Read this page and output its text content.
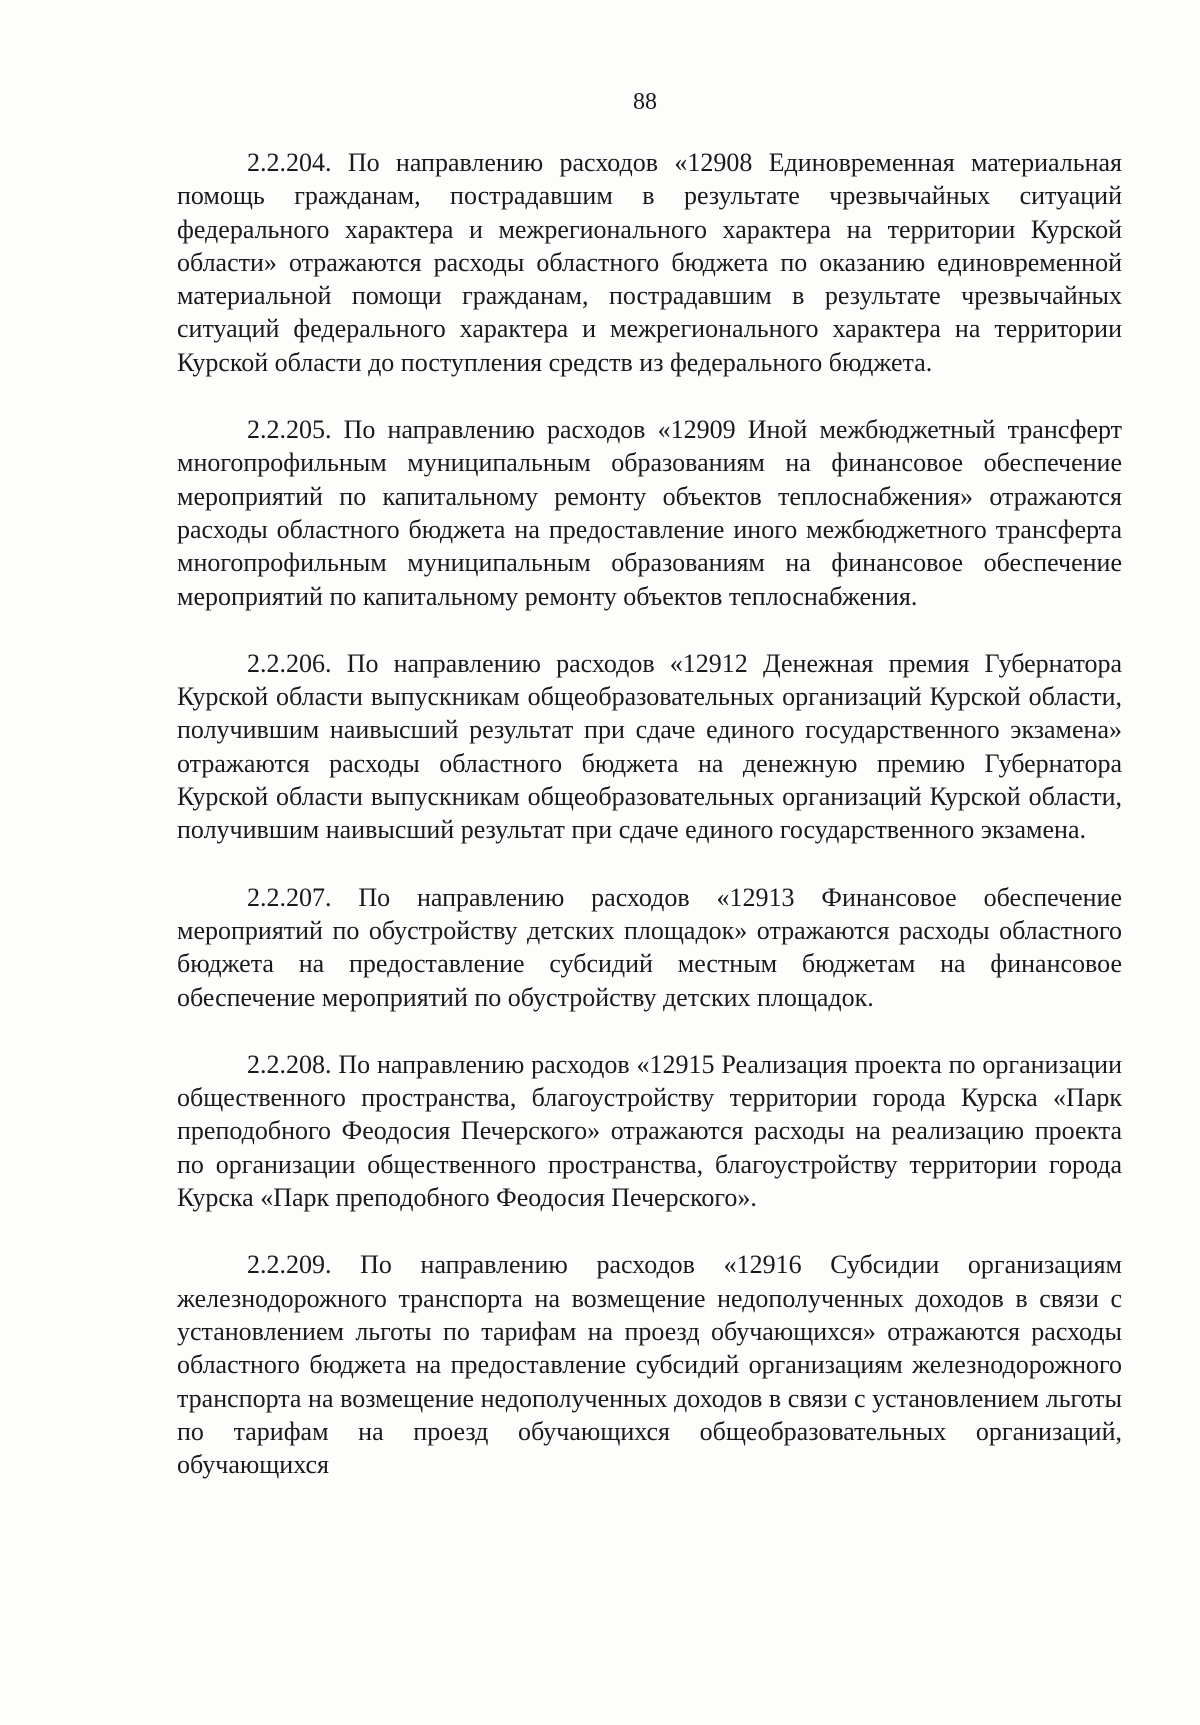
88

2.2.204. По направлению расходов «12908 Единовременная материальная помощь гражданам, пострадавшим в результате чрезвычайных ситуаций федерального характера и межрегионального характера на территории Курской области» отражаются расходы областного бюджета по оказанию единовременной материальной помощи гражданам, пострадавшим в результате чрезвычайных ситуаций федерального характера и межрегионального характера на территории Курской области до поступления средств из федерального бюджета.

2.2.205. По направлению расходов «12909 Иной межбюджетный трансферт многопрофильным муниципальным образованиям на финансовое обеспечение мероприятий по капитальному ремонту объектов теплоснабжения» отражаются расходы областного бюджета на предоставление иного межбюджетного трансферта многопрофильным муниципальным образованиям на финансовое обеспечение мероприятий по капитальному ремонту объектов теплоснабжения.

2.2.206. По направлению расходов «12912 Денежная премия Губернатора Курской области выпускникам общеобразовательных организаций Курской области, получившим наивысший результат при сдаче единого государственного экзамена» отражаются расходы областного бюджета на денежную премию Губернатора Курской области выпускникам общеобразовательных организаций Курской области, получившим наивысший результат при сдаче единого государственного экзамена.

2.2.207. По направлению расходов «12913 Финансовое обеспечение мероприятий по обустройству детских площадок» отражаются расходы областного бюджета на предоставление субсидий местным бюджетам на финансовое обеспечение мероприятий по обустройству детских площадок.

2.2.208. По направлению расходов «12915 Реализация проекта по организации общественного пространства, благоустройству территории города Курска «Парк преподобного Феодосия Печерского» отражаются расходы на реализацию проекта по организации общественного пространства, благоустройству территории города Курска «Парк преподобного Феодосия Печерского».

2.2.209. По направлению расходов «12916 Субсидии организациям железнодорожного транспорта на возмещение недополученных доходов в связи с установлением льготы по тарифам на проезд обучающихся» отражаются расходы областного бюджета на предоставление субсидий организациям железнодорожного транспорта на возмещение недополученных доходов в связи с установлением льготы по тарифам на проезд обучающихся общеобразовательных организаций, обучающихся
